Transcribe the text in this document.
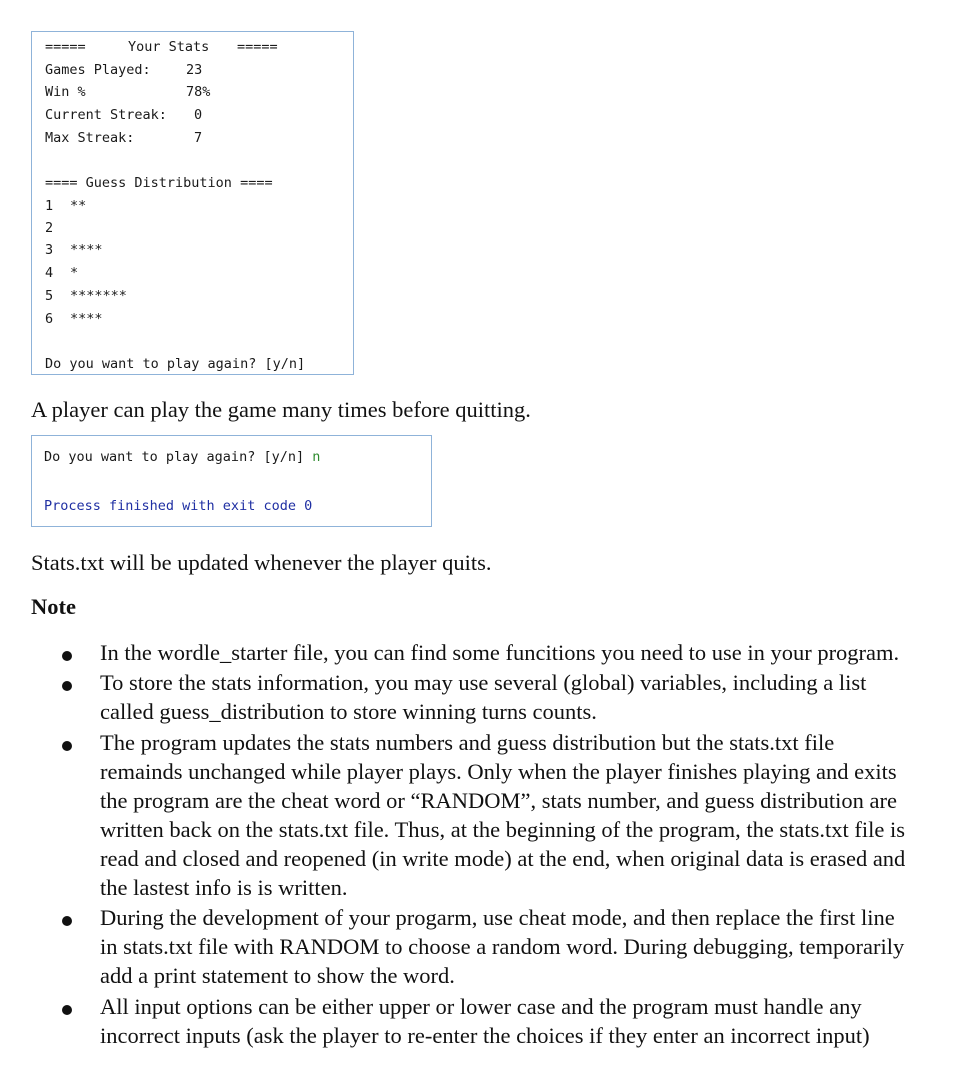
=====	Your Stats =====
Games Played:	23
Win %	78%
Current Streak: 0
Max Streak:	7
==== Guess Distribution ====
1 **
2
3 ****
4 *
5 *******
6 ****
Do you want to play again? [y/n]
A player can play the game many times before quitting.
Do you want to play again? [y/n] n
Process finished with exit code 0
Stats.txt will be updated whenever the player quits.
Note
In the wordle_starter file, you can find some funcitions you need to use in your program.
To store the stats information, you may use several (global) variables, including a list
called guess_distribution to store winning turns counts.
The program updates the stats numbers and guess distribution but the stats.txt file
remainds unchanged while player plays. Only when the player finishes playing and exits
the program are the cheat word or “RANDOM”, stats number, and guess distribution are
written back on the stats.txt file. Thus, at the beginning of the program, the stats.txt file is
read and closed and reopened (in write mode) at the end, when original data is erased and
the lastest info is is written.
During the development of your progarm, use cheat mode, and then replace the first line
in stats.txt file with RANDOM to choose a random word. During debugging, temporarily
add a print statement to show the word.
All input options can be either upper or lower case and the program must handle any
incorrect inputs (ask the player to re-enter the choices if they enter an incorrect input)
